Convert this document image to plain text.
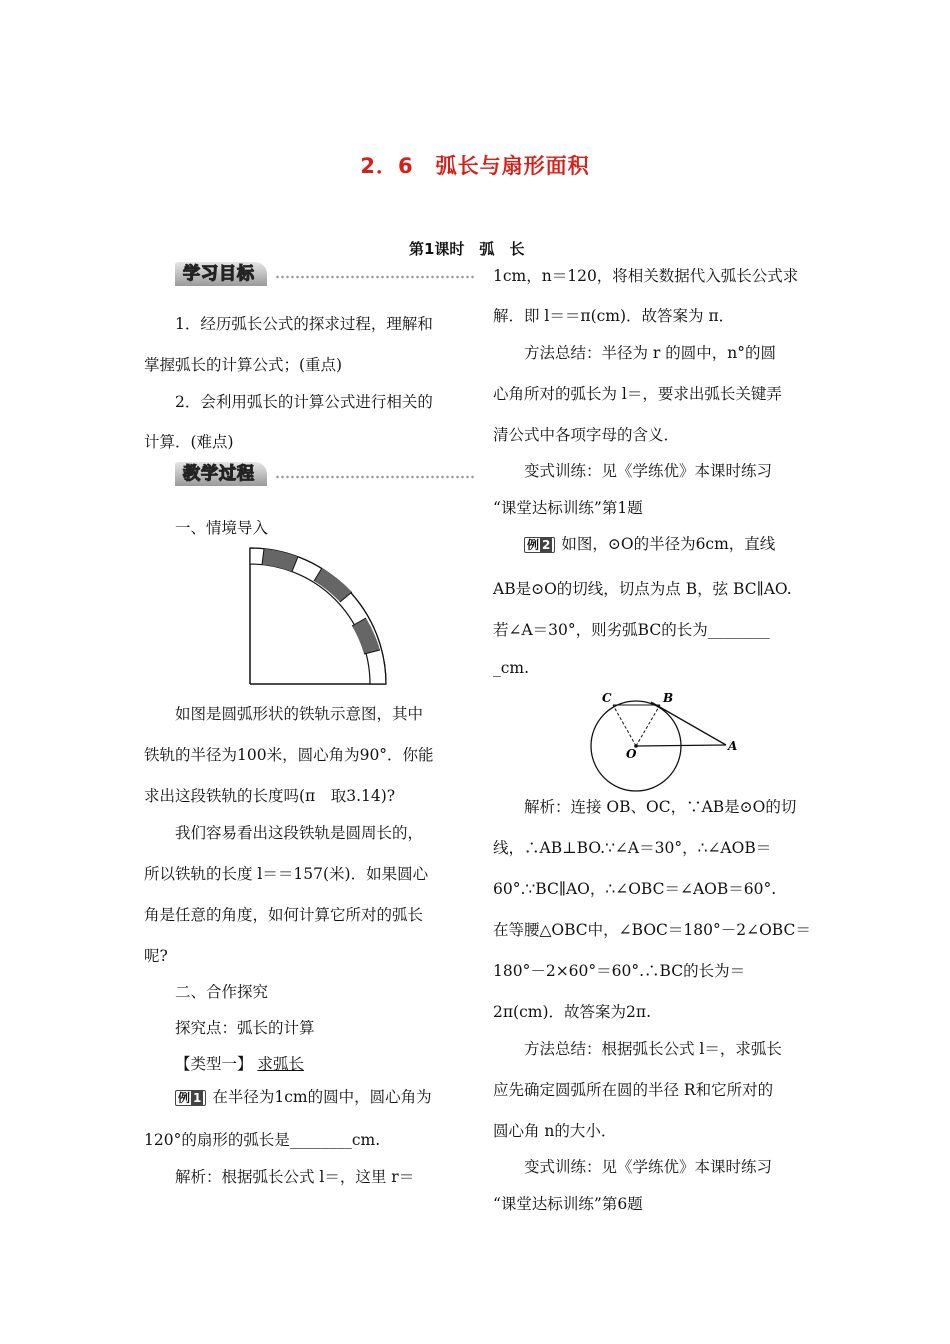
2．6　弧长与扇形面积
第1课时　弧　长
学习目标
1．经历弧长公式的探求过程，理解和
掌握弧长的计算公式；(重点)
2．会利用弧长的计算公式进行相关的
计算．(难点)
教学过程
一、情境导入
如图是圆弧形状的铁轨示意图，其中
铁轨的半径为100米，圆心角为90°．你能
求出这段铁轨的长度吗(π　取3.14)?
我们容易看出这段铁轨是圆周长的，
所以铁轨的长度 l＝＝157(米)．如果圆心
角是任意的角度，如何计算它所对的弧长
呢?
二、合作探究
探究点：弧长的计算
【类型一】 求弧长
例 1 在半径为1cm的圆中，圆心角为
120°的扇形的弧长是________cm.
解析：根据弧长公式 l＝，这里 r＝
1cm，n＝120，将相关数据代入弧长公式求
解．即 l＝＝π(cm)．故答案为 π．
方法总结：半径为 r 的圆中，n°的圆
心角所对的弧长为 l＝，要求出弧长关键弄
清公式中各项字母的含义．
变式训练：见《学练优》本课时练习
“课堂达标训练”第1题
例 2 如图，⊙O的半径为6cm，直线
AB是⊙O的切线，切点为点 B，弦 BC∥AO.
若∠A＝30°，则劣弧BC的长为________
_cm.
C	B
O
A
解析：连接 OB、OC，∵AB是⊙O的切
线，∴AB⊥BO.∵∠A＝30°，∴∠AOB＝
60°.∵BC∥AO，∴∠OBC＝∠AOB＝60°.
在等腰△OBC中，∠BOC＝180°－2∠OBC＝
180°－2×60°＝60°.∴BC的长为＝
2π(cm)．故答案为2π.
方法总结：根据弧长公式 l＝，求弧长
应先确定圆弧所在圆的半径 R和它所对的
圆心角 n的大小．
变式训练：见《学练优》本课时练习
“课堂达标训练”第6题
